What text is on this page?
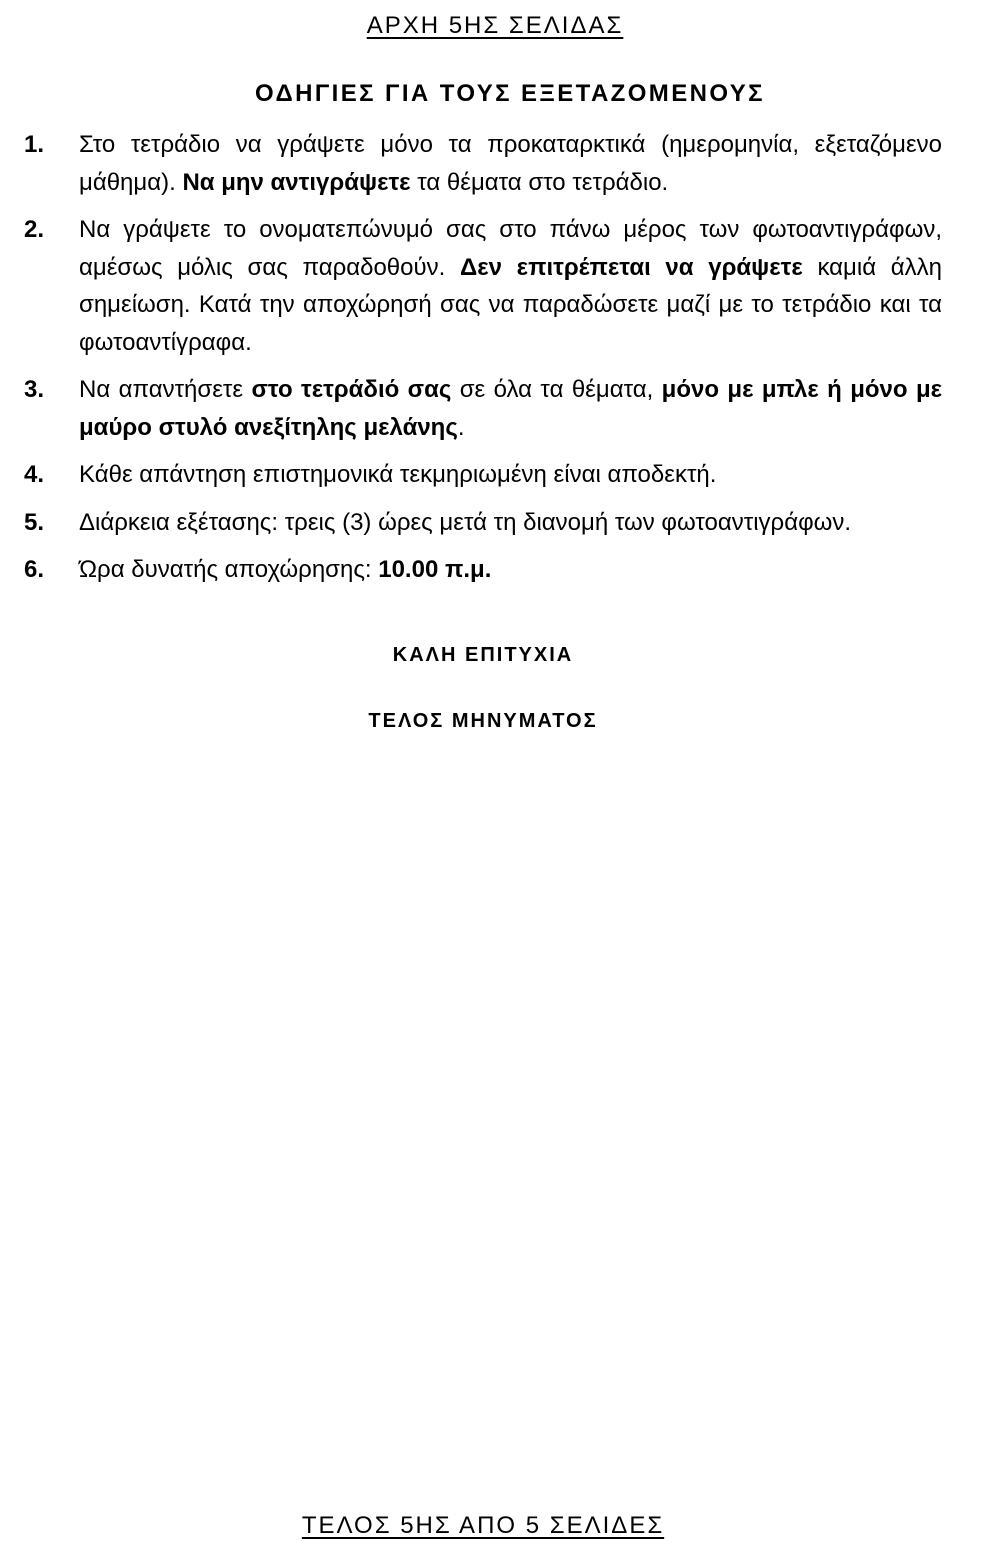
ΑΡΧΗ 5ΗΣ ΣΕΛΙΔΑΣ
ΟΔΗΓΙΕΣ ΓΙΑ ΤΟΥΣ ΕΞΕΤΑΖΟΜΕΝΟΥΣ
1.	Στο τετράδιο να γράψετε μόνο τα προκαταρκτικά (ημερομηνία, εξεταζόμενο μάθημα). Να μην αντιγράψετε τα θέματα στο τετράδιο.
2.	Να γράψετε το ονοματεπώνυμό σας στο πάνω μέρος των φωτοαντιγράφων, αμέσως μόλις σας παραδοθούν. Δεν επιτρέπεται να γράψετε καμιά άλλη σημείωση. Κατά την αποχώρησή σας να παραδώσετε μαζί με το τετράδιο και τα φωτοαντίγραφα.
3.	Να απαντήσετε στο τετράδιό σας σε όλα τα θέματα, μόνο με μπλε ή μόνο με μαύρο στυλό ανεξίτηλης μελάνης.
4.	Κάθε απάντηση επιστημονικά τεκμηριωμένη είναι αποδεκτή.
5.	Διάρκεια εξέτασης: τρεις (3) ώρες μετά τη διανομή των φωτοαντιγράφων.
6.	Ώρα δυνατής αποχώρησης: 10.00 π.μ.
ΚΑΛΗ ΕΠΙΤΥΧΙΑ
ΤΕΛΟΣ ΜΗΝΥΜΑΤΟΣ
ΤΕΛΟΣ 5ΗΣ ΑΠΟ 5 ΣΕΛΙΔΕΣ
